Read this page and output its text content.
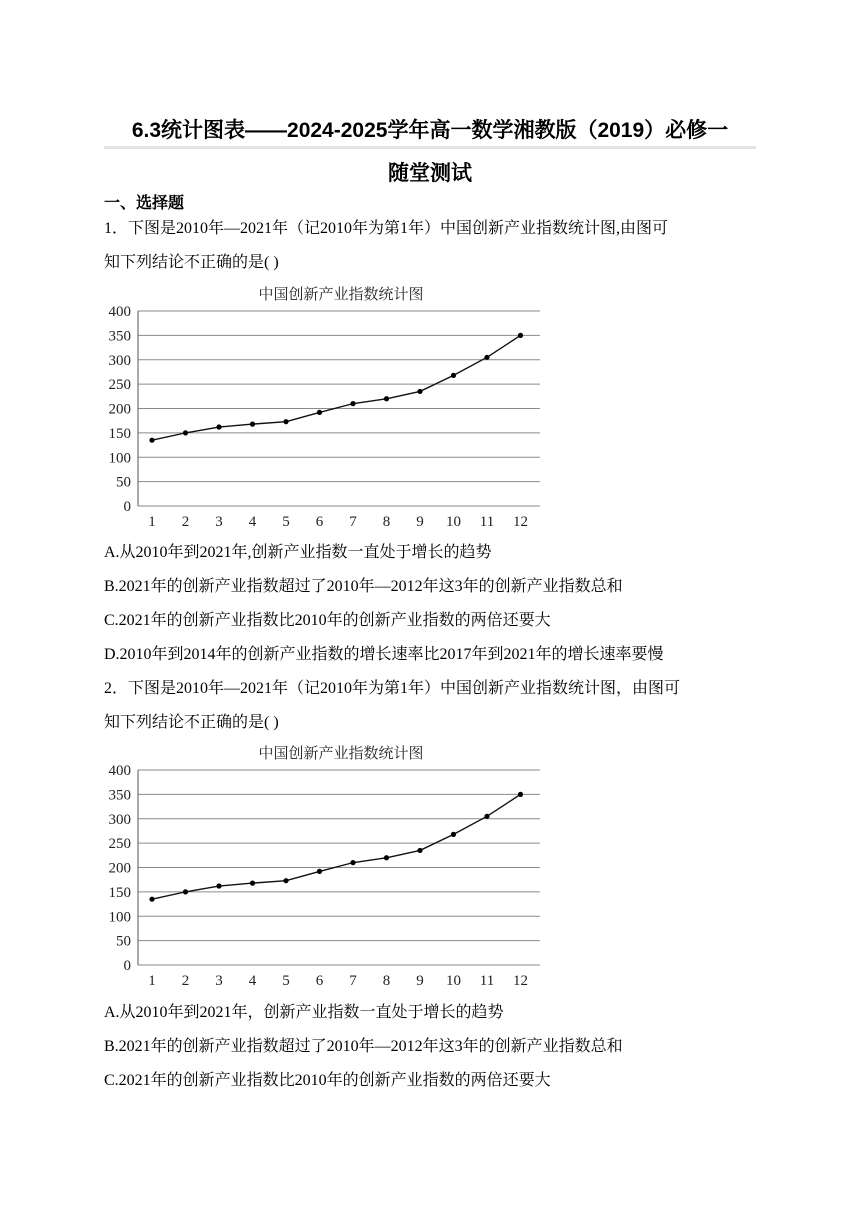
6.3统计图表——2024-2025学年高一数学湘教版（2019）必修一
随堂测试
一、选择题
1．下图是2010年—2021年（记2010年为第1年）中国创新产业指数统计图,由图可
知下列结论不正确的是( )
中国创新产业指数统计图
0
50
100
150
200
250
300
350
400
1 2 3 4 5 6 7 8 9 10 11 12
A.从2010年到2021年,创新产业指数一直处于增长的趋势
B.2021年的创新产业指数超过了2010年—2012年这3年的创新产业指数总和
C.2021年的创新产业指数比2010年的创新产业指数的两倍还要大
D.2010年到2014年的创新产业指数的增长速率比2017年到2021年的增长速率要慢
2．下图是2010年—2021年（记2010年为第1年）中国创新产业指数统计图，由图可
知下列结论不正确的是( )
中国创新产业指数统计图
0
50
100
150
200
250
300
350
400
1 2 3 4 5 6 7 8 9 10 11 12
A.从2010年到2021年，创新产业指数一直处于增长的趋势
B.2021年的创新产业指数超过了2010年—2012年这3年的创新产业指数总和
C.2021年的创新产业指数比2010年的创新产业指数的两倍还要大
